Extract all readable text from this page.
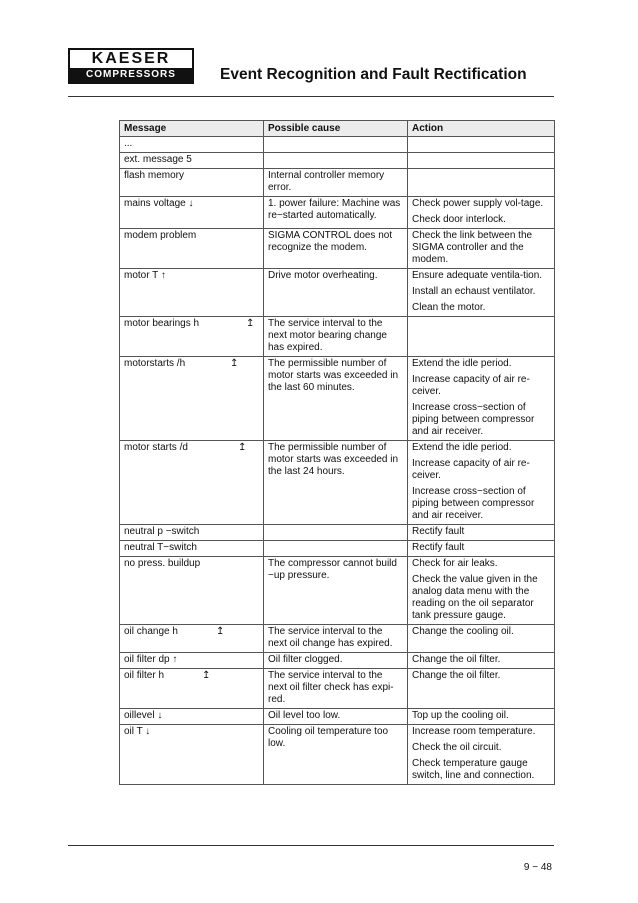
KAESER
COMPRESSORS	Event Recognition and Fault Rectification
Message	Possible cause	Action

...		

ext. message 5		

flash memory	Internal controller memory error.	

mains voltage ↓	1. power failure: Machine was re−started automatically.	Check power supply vol-tage.
Check door interlock.

modem problem	SIGMA CONTROL does not recognize the modem.	Check the link between the SIGMA controller and the modem.

motor T ↑	Drive motor overheating.	Ensure adequate ventila-tion.
Install an echaust ventilator.
Clean the motor.

motor bearings h ↥	The service interval to the next motor bearing change has expired.	

motorstarts /h ↥	The permissible number of motor starts was exceeded in the last 60 minutes.	Extend the idle period.
Increase capacity of air re-ceiver.
Increase cross−section of piping between compressor and air receiver.

motor starts /d ↥	The permissible number of motor starts was exceeded in the last 24 hours.	Extend the idle period.
Increase capacity of air re-ceiver.
Increase cross−section of piping between compressor and air receiver.

neutral p −switch		Rectify fault

neutral T−switch		Rectify fault

no press. buildup	The compressor cannot build −up pressure.	Check for air leaks.
Check the value given in the analog data menu with the reading on the oil separator tank pressure gauge.

oil change h ↥	The service interval to the next oil change has expired.	Change the cooling oil.

oil filter dp ↑	Oil filter clogged.	Change the oil filter.

oil filter h ↥	The service interval to the next oil filter check has expi-red.	Change the oil filter.

oillevel ↓	Oil level too low.	Top up the cooling oil.

oil T ↓	Cooling oil temperature too low.	Increase room temperature.
Check the oil circuit.
Check temperature gauge switch, line and connection.
9 − 48
